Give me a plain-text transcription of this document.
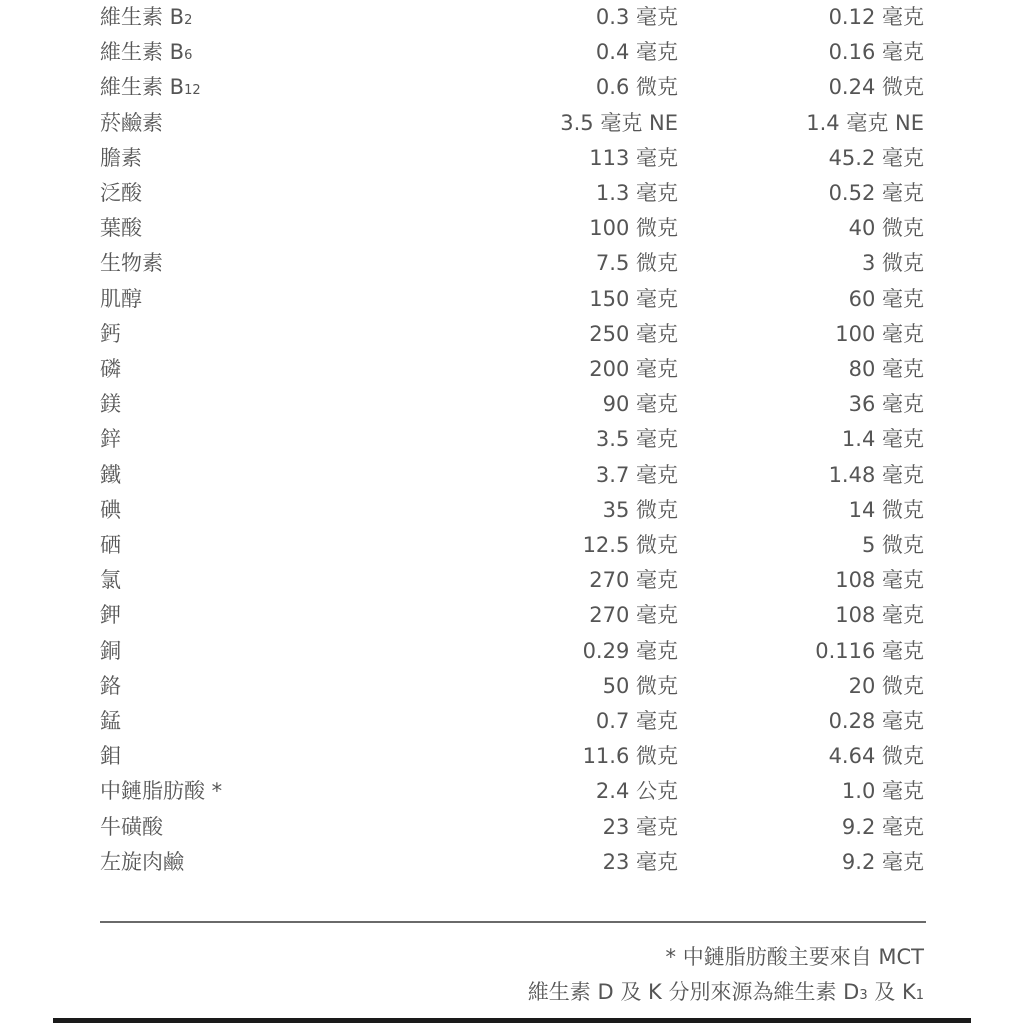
維生素 B2	0.3 毫克	0.12 毫克
維生素 B6	0.4 毫克	0.16 毫克
維生素 B12	0.6 微克	0.24 微克
菸鹼素	3.5 毫克 NE	1.4 毫克 NE
膽素	113 毫克	45.2 毫克
泛酸	1.3 毫克	0.52 毫克
葉酸	100 微克	40 微克
生物素	7.5 微克	3 微克
肌醇	150 毫克	60 毫克
鈣	250 毫克	100 毫克
磷	200 毫克	80 毫克
鎂	90 毫克	36 毫克
鋅	3.5 毫克	1.4 毫克
鐵	3.7 毫克	1.48 毫克
碘	35 微克	14 微克
硒	12.5 微克	5 微克
氯	270 毫克	108 毫克
鉀	270 毫克	108 毫克
銅	0.29 毫克	0.116 毫克
鉻	50 微克	20 微克
錳	0.7 毫克	0.28 毫克
鉬	11.6 微克	4.64 微克
中鏈脂肪酸 *	2.4 公克	1.0 毫克
牛磺酸	23 毫克	9.2 毫克
左旋肉鹼	23 毫克	9.2 毫克
* 中鏈脂肪酸主要來自 MCT
維生素 D 及 K 分別來源為維生素 D3 及 K1
